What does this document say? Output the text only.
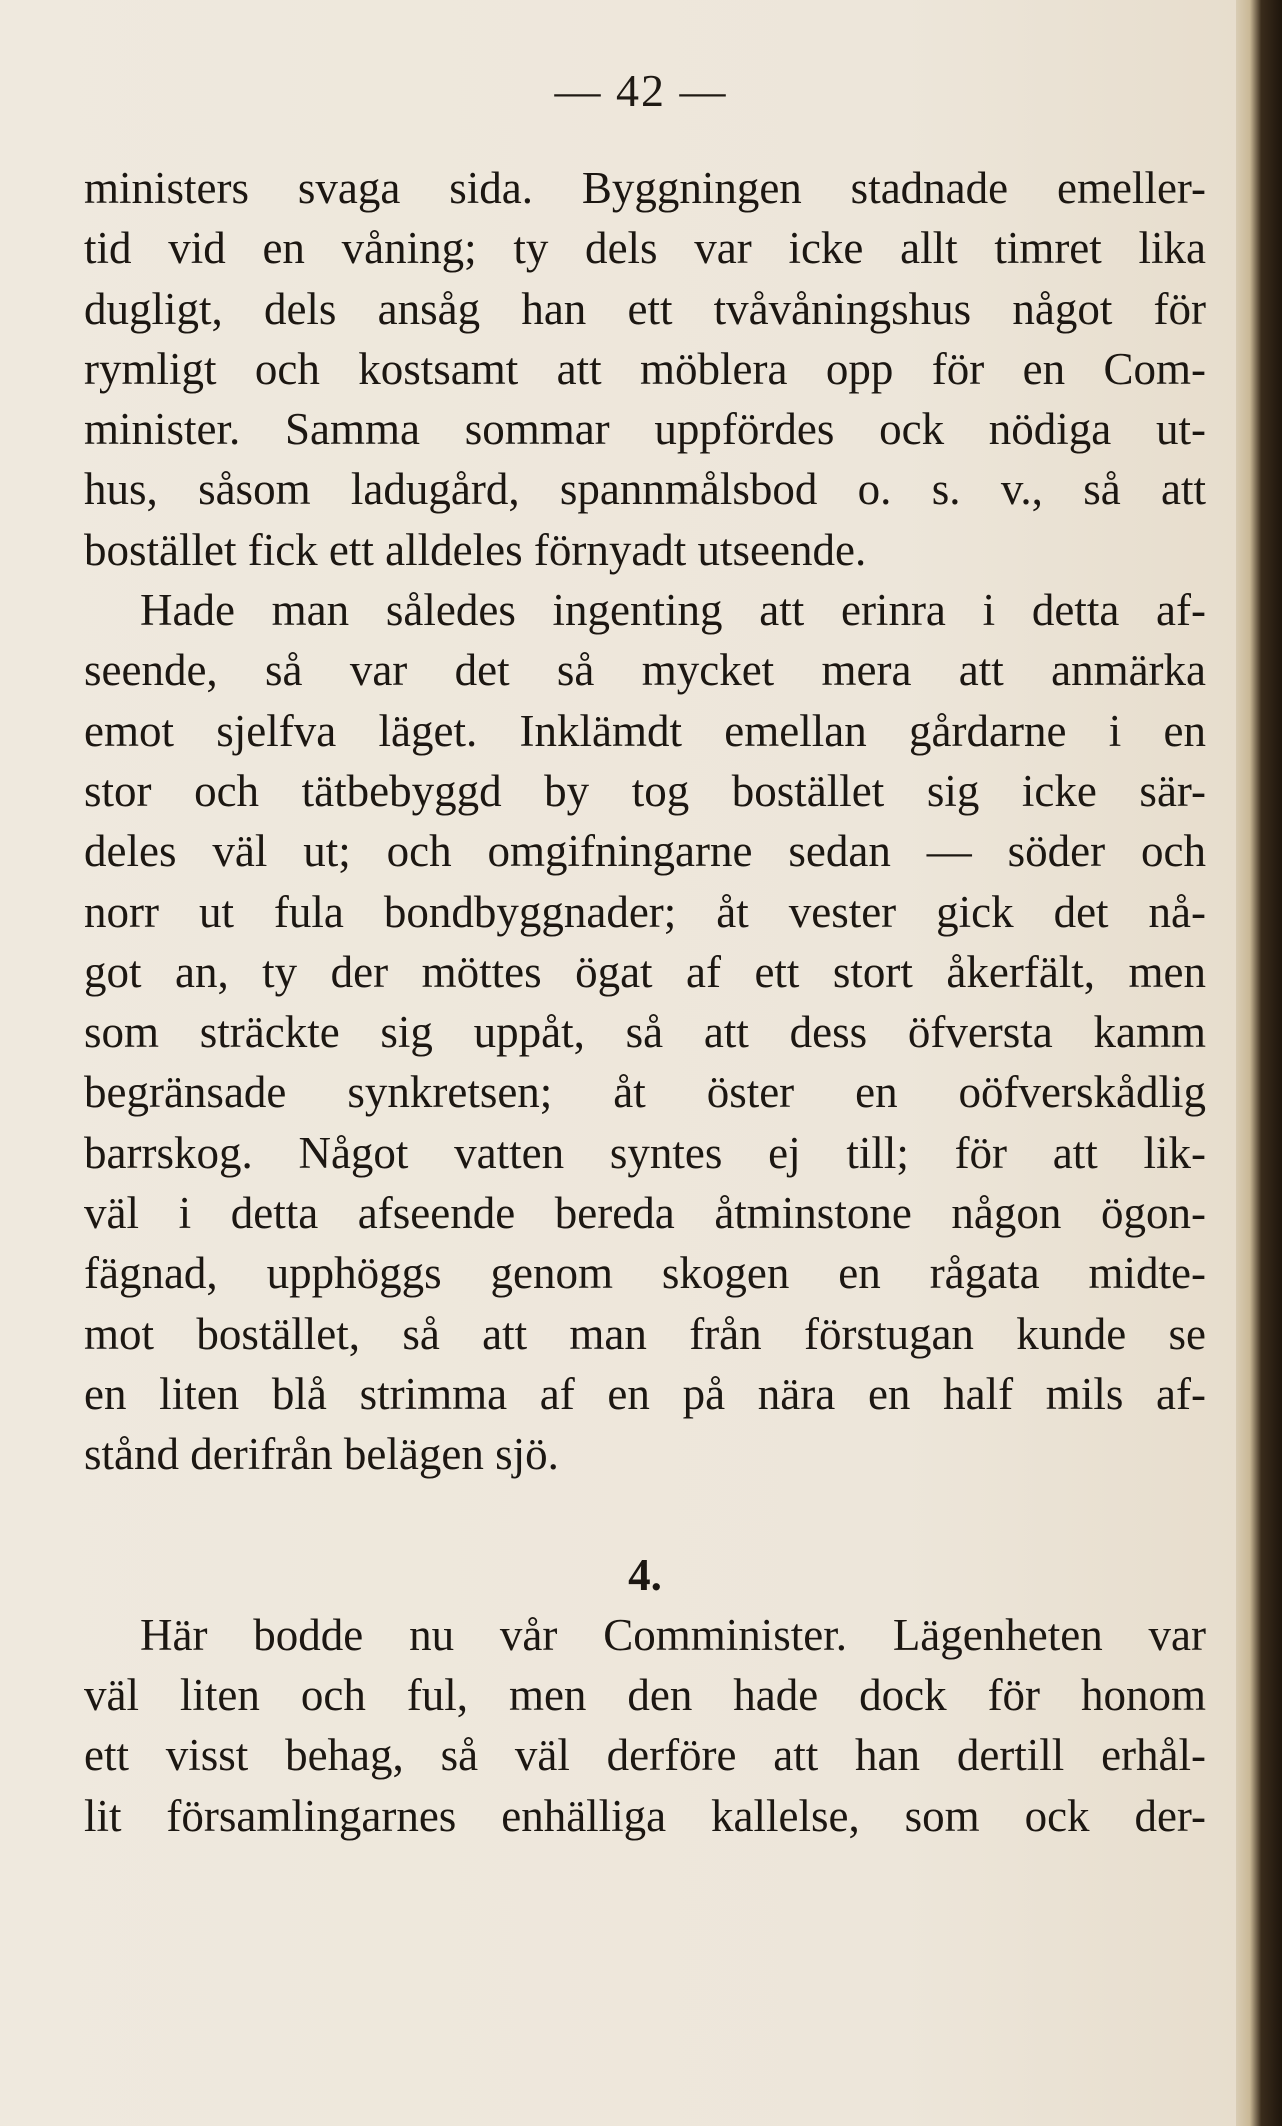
— 42 —
ministers svaga sida. Byggningen stadnade emeller-
tid vid en våning; ty dels var icke allt timret lika
dugligt, dels ansåg han ett tvåvåningshus något för
rymligt och kostsamt att möblera opp för en Com-
minister. Samma sommar uppfördes ock nödiga ut-
hus, såsom ladugård, spannmålsbod o. s. v., så att
bostället fick ett alldeles förnyadt utseende.
Hade man således ingenting att erinra i detta af-
seende, så var det så mycket mera att anmärka
emot sjelfva läget. Inklämdt emellan gårdarne i en
stor och tätbebyggd by tog bostället sig icke sär-
deles väl ut; och omgifningarne sedan — söder och
norr ut fula bondbyggnader; åt vester gick det nå-
got an, ty der möttes ögat af ett stort åkerfält, men
som sträckte sig uppåt, så att dess öfversta kamm
begränsade synkretsen; åt öster en oöfverskådlig
barrskog. Något vatten syntes ej till; för att lik-
väl i detta afseende bereda åtminstone någon ögon-
fägnad, upphöggs genom skogen en rågata midte-
mot bostället, så att man från förstugan kunde se
en liten blå strimma af en på nära en half mils af-
stånd derifrån belägen sjö.
4.
Här bodde nu vår Comminister. Lägenheten var
väl liten och ful, men den hade dock för honom
ett visst behag, så väl derföre att han dertill erhål-
lit församlingarnes enhälliga kallelse, som ock der-
